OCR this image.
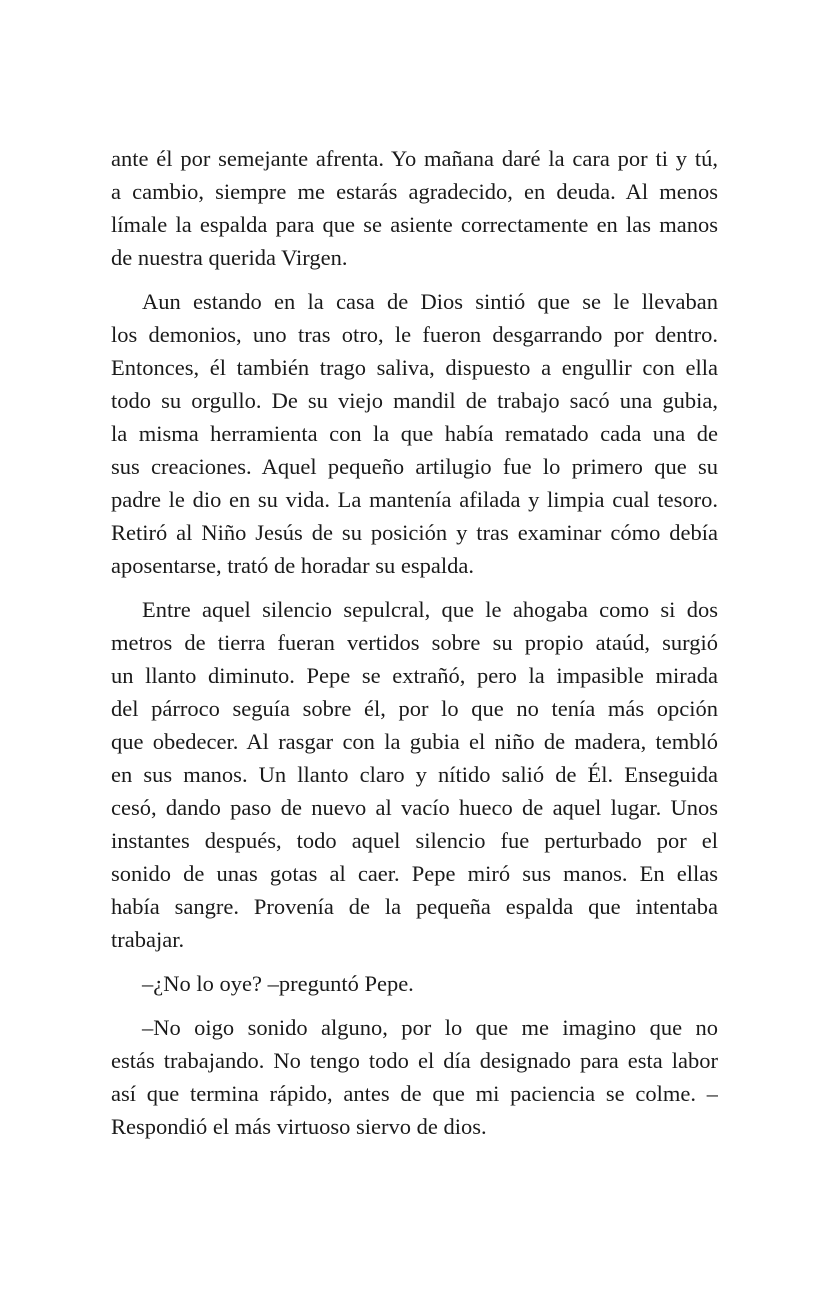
ante él por semejante afrenta. Yo mañana daré la cara por ti y tú,
a cambio, siempre me estarás agradecido, en deuda. Al menos
límale la espalda para que se asiente correctamente en las manos
de nuestra querida Virgen.
Aun estando en la casa de Dios sintió que se le llevaban
los demonios, uno tras otro, le fueron desgarrando por dentro.
Entonces, él también trago saliva, dispuesto a engullir con ella
todo su orgullo. De su viejo mandil de trabajo sacó una gubia,
la misma herramienta con la que había rematado cada una de
sus creaciones. Aquel pequeño artilugio fue lo primero que su
padre le dio en su vida. La mantenía afilada y limpia cual tesoro.
Retiró al Niño Jesús de su posición y tras examinar cómo debía
aposentarse, trató de horadar su espalda.
Entre aquel silencio sepulcral, que le ahogaba como si dos
metros de tierra fueran vertidos sobre su propio ataúd, surgió
un llanto diminuto. Pepe se extrañó, pero la impasible mirada
del párroco seguía sobre él, por lo que no tenía más opción
que obedecer. Al rasgar con la gubia el niño de madera, tembló
en sus manos. Un llanto claro y nítido salió de Él. Enseguida
cesó, dando paso de nuevo al vacío hueco de aquel lugar. Unos
instantes después, todo aquel silencio fue perturbado por el
sonido de unas gotas al caer. Pepe miró sus manos. En ellas
había sangre. Provenía de la pequeña espalda que intentaba
trabajar.
–¿No lo oye? –preguntó Pepe.
–No oigo sonido alguno, por lo que me imagino que no
estás trabajando. No tengo todo el día designado para esta labor
así que termina rápido, antes de que mi paciencia se colme. –
Respondió el más virtuoso siervo de dios.
